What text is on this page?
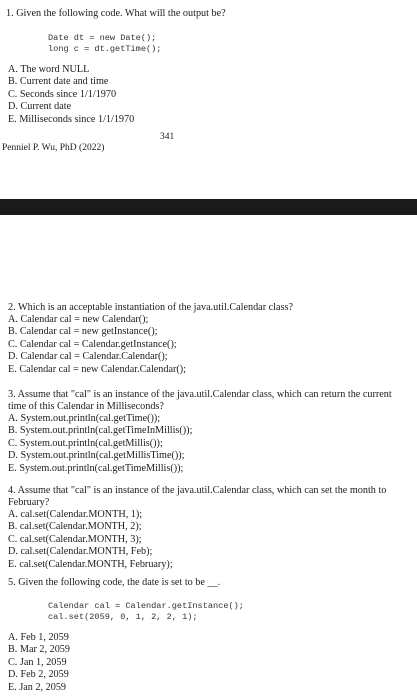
1. Given the following code. What will the output be?
Date dt = new Date();
long c = dt.getTime();
A. The word NULL
B. Current date and time
C. Seconds since 1/1/1970
D. Current date
E. Milliseconds since 1/1/1970
341
Penniel P. Wu, PhD (2022)
2. Which is an acceptable instantiation of the java.util.Calendar class?
A. Calendar cal = new Calendar();
B. Calendar cal = new getInstance();
C. Calendar cal = Calendar.getInstance();
D. Calendar cal = Calendar.Calendar();
E. Calendar cal = new Calendar.Calendar();
3. Assume that "cal" is an instance of the java.util.Calendar class, which can return the current
time of this Calendar in Milliseconds?
A. System.out.println(cal.getTime());
B. System.out.println(cal.getTimeInMillis());
C. System.out.println(cal.getMillis());
D. System.out.println(cal.getMillisTime());
E. System.out.println(cal.getTimeMillis());
4. Assume that "cal" is an instance of the java.util.Calendar class, which can set the month to
February?
A. cal.set(Calendar.MONTH, 1);
B. cal.set(Calendar.MONTH, 2);
C. cal.set(Calendar.MONTH, 3);
D. cal.set(Calendar.MONTH, Feb);
E. cal.set(Calendar.MONTH, February);
5. Given the following code, the date is set to be __.
Calendar cal = Calendar.getInstance();
cal.set(2059, 0, 1, 2, 2, 1);
A. Feb 1, 2059
B. Mar 2, 2059
C. Jan 1, 2059
D. Feb 2, 2059
E. Jan 2, 2059
